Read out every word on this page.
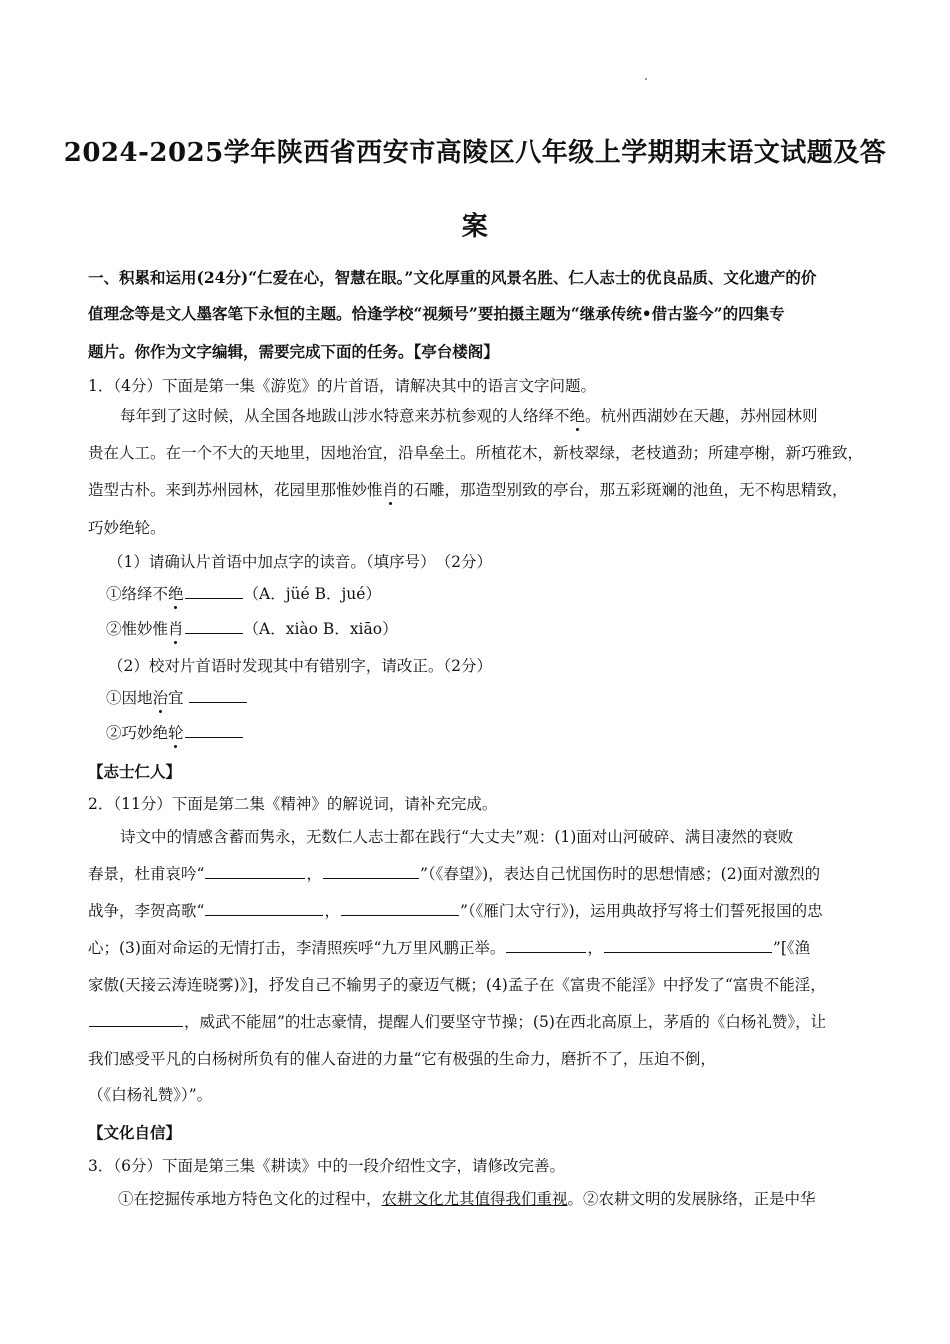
2024-2025学年陕西省西安市高陵区八年级上学期期末语文试题及答
案
一、积累和运用(24分)“仁爱在心，智慧在眼。”文化厚重的风景名胜、仁人志士的优良品质、文化遗产的价
值理念等是文人墨客笔下永恒的主题。恰逢学校“视频号”要拍摄主题为“继承传统•借古鉴今”的四集专
题片。你作为文字编辑，需要完成下面的任务。【亭台楼阁】
1．（4分）下面是第一集《游览》的片首语，请解决其中的语言文字问题。
每年到了这时候，从全国各地跋山涉水特意来苏杭参观的人络绎不绝。杭州西湖妙在天趣，苏州园林则
贵在人工。在一个不大的天地里，因地治宜，沿阜垒土。所植花木，新枝翠绿，老枝遒劲；所建亭榭，新巧雅致，
造型古朴。来到苏州园林，花园里那惟妙惟肖的石雕，那造型别致的亭台，那五彩斑斓的池鱼，无不构思精致，
巧妙绝轮。
（1）请确认片首语中加点字的读音。（填序号）　（2分）
①络绎不绝	（A．jüé B．jué）
②惟妙惟肖	（A．xiào B．xiāo）
（2）校对片首语时发现其中有错别字，请改正。（2分）
①因地治宜
②巧妙绝轮
【志士仁人】
2．（11分）下面是第二集《精神》的解说词，请补充完成。
诗文中的情感含蓄而隽永，无数仁人志士都在践行“大丈夫”观：(1)面对山河破碎、满目凄然的衰败
春景，杜甫哀吟“	，	”（《春望》)，表达自己忧国伤时的思想情感；(2)面对激烈的
战争，李贺高歌“	，	”（《雁门太守行》)，运用典故抒写将士们誓死报国的忠
心；(3)面对命运的无情打击，李清照疾呼“九万里风鹏正举。	，	”[《渔
家傲(天接云涛连晓雾)》]，抒发自己不输男子的豪迈气概；(4)孟子在《富贵不能淫》中抒发了“富贵不能淫，
，威武不能屈”的壮志豪情，提醒人们要坚守节操；(5)在西北高原上，茅盾的《白杨礼赞》，让
我们感受平凡的白杨树所负有的催人奋进的力量“它有极强的生命力，磨折不了，压迫不倒，
（《白杨礼赞》）”。
【文化自信】
3．（6分）下面是第三集《耕读》中的一段介绍性文字，请修改完善。
①在挖掘传承地方特色文化的过程中，农耕文化尤其值得我们重视。②农耕文明的发展脉络，正是中华
